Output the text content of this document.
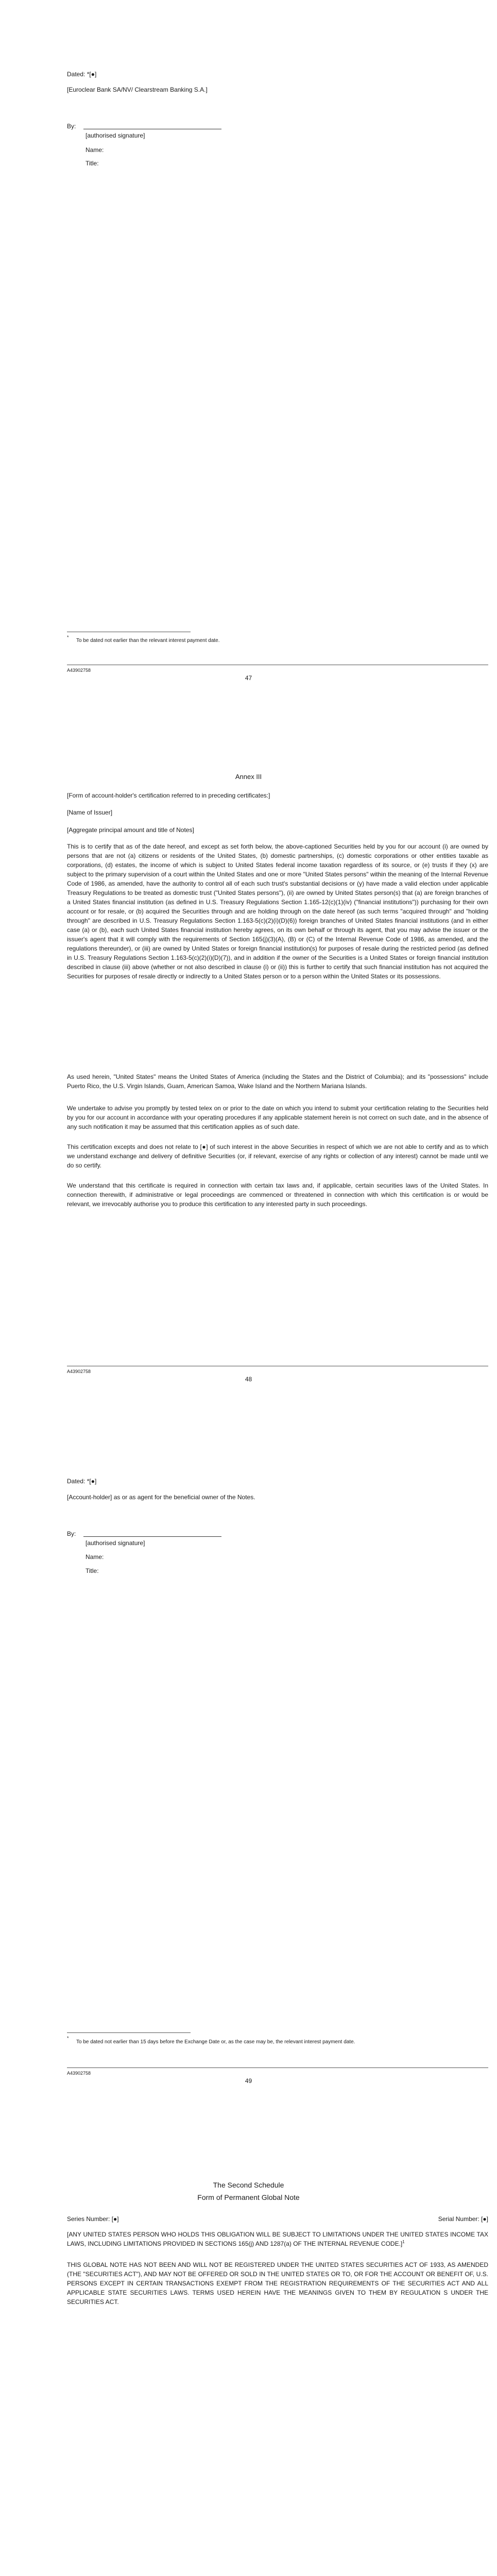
Dated: *[●]
[Euroclear Bank SA/NV/ Clearstream Banking S.A.]
By:
[authorised signature]
Name:
Title:
*
To be dated not earlier than the relevant interest payment date.
A43902758
47
Annex III
[Form of account-holder's certification referred to in preceding certificates:]
[Name of Issuer]
[Aggregate principal amount and title of Notes]

This is to certify that as of the date hereof, and except as set forth below, the above-captioned Securities held by you for our account (i) are owned by persons that are not (a) citizens or residents of the United States, (b) domestic partnerships, (c) domestic corporations or other entities taxable as corporations, (d) estates, the income of which is subject to United States federal income taxation regardless of its source, or (e) trusts if they (x) are subject to the primary supervision of a court within the United States and one or more "United States persons" within the meaning of the Internal Revenue Code of 1986, as amended, have the authority to control all of each such trust's substantial decisions or (y) have made a valid election under applicable Treasury Regulations to be treated as domestic trust ("United States persons"), (ii) are owned by United States person(s) that (a) are foreign branches of a United States financial institution (as defined in U.S. Treasury Regulations Section 1.165-12(c)(1)(iv) ("financial institutions")) purchasing for their own account or for resale, or (b) acquired the Securities through and are holding through on the date hereof (as such terms "acquired through" and "holding through" are described in U.S. Treasury Regulations Section 1.163-5(c)(2)(i)(D)(6)) foreign branches of United States financial institutions (and in either case (a) or (b), each such United States financial institution hereby agrees, on its own behalf or through its agent, that you may advise the issuer or the issuer's agent that it will comply with the requirements of Section 165(j)(3)(A), (B) or (C) of the Internal Revenue Code of 1986, as amended, and the regulations thereunder), or (iii) are owned by United States or foreign financial institution(s) for purposes of resale during the restricted period (as defined in U.S. Treasury Regulations Section 1.163-5(c)(2)(i)(D)(7)), and in addition if the owner of the Securities is a United States or foreign financial institution described in clause (iii) above (whether or not also described in clause (i) or (ii)) this is further to certify that such financial institution has not acquired the Securities for purposes of resale directly or indirectly to a United States person or to a person within the United States or its possessions.

As used herein, "United States" means the United States of America (including the States and the District of Columbia); and its "possessions" include Puerto Rico, the U.S. Virgin Islands, Guam, American Samoa, Wake Island and the Northern Mariana Islands.

We undertake to advise you promptly by tested telex on or prior to the date on which you intend to submit your certification relating to the Securities held by you for our account in accordance with your operating procedures if any applicable statement herein is not correct on such date, and in the absence of any such notification it may be assumed that this certification applies as of such date.

This certification excepts and does not relate to [●] of such interest in the above Securities in respect of which we are not able to certify and as to which we understand exchange and delivery of definitive Securities (or, if relevant, exercise of any rights or collection of any interest) cannot be made until we do so certify.

We understand that this certificate is required in connection with certain tax laws and, if applicable, certain securities laws of the United States. In connection therewith, if administrative or legal proceedings are commenced or threatened in connection with which this certification is or would be relevant, we irrevocably authorise you to produce this certification to any interested party in such proceedings.

A43902758
48
Dated: *[●]
[Account-holder] as or as agent for the beneficial owner of the Notes.
By:
[authorised signature]
Name:
Title:
*
To be dated not earlier than 15 days before the Exchange Date or, as the case may be, the relevant interest payment date.
A43902758
49
The Second Schedule
Form of Permanent Global Note
Series Number: [●]	Serial Number: [●]

[ANY UNITED STATES PERSON WHO HOLDS THIS OBLIGATION WILL BE SUBJECT TO LIMITATIONS UNDER THE UNITED STATES INCOME TAX LAWS, INCLUDING LIMITATIONS PROVIDED IN SECTIONS 165(j) AND 1287(a) OF THE INTERNAL REVENUE CODE.]$^1$

THIS GLOBAL NOTE HAS NOT BEEN AND WILL NOT BE REGISTERED UNDER THE UNITED STATES SECURITIES ACT OF 1933, AS AMENDED (THE "SECURITIES ACT"), AND MAY NOT BE OFFERED OR SOLD IN THE UNITED STATES OR TO, OR FOR THE ACCOUNT OR BENEFIT OF, U.S. PERSONS EXCEPT IN CERTAIN TRANSACTIONS EXEMPT FROM THE REGISTRATION REQUIREMENTS OF THE SECURITIES ACT AND ALL APPLICABLE STATE SECURITIES LAWS. TERMS USED HEREIN HAVE THE MEANINGS GIVEN TO THEM BY REGULATION S UNDER THE SECURITIES ACT.
